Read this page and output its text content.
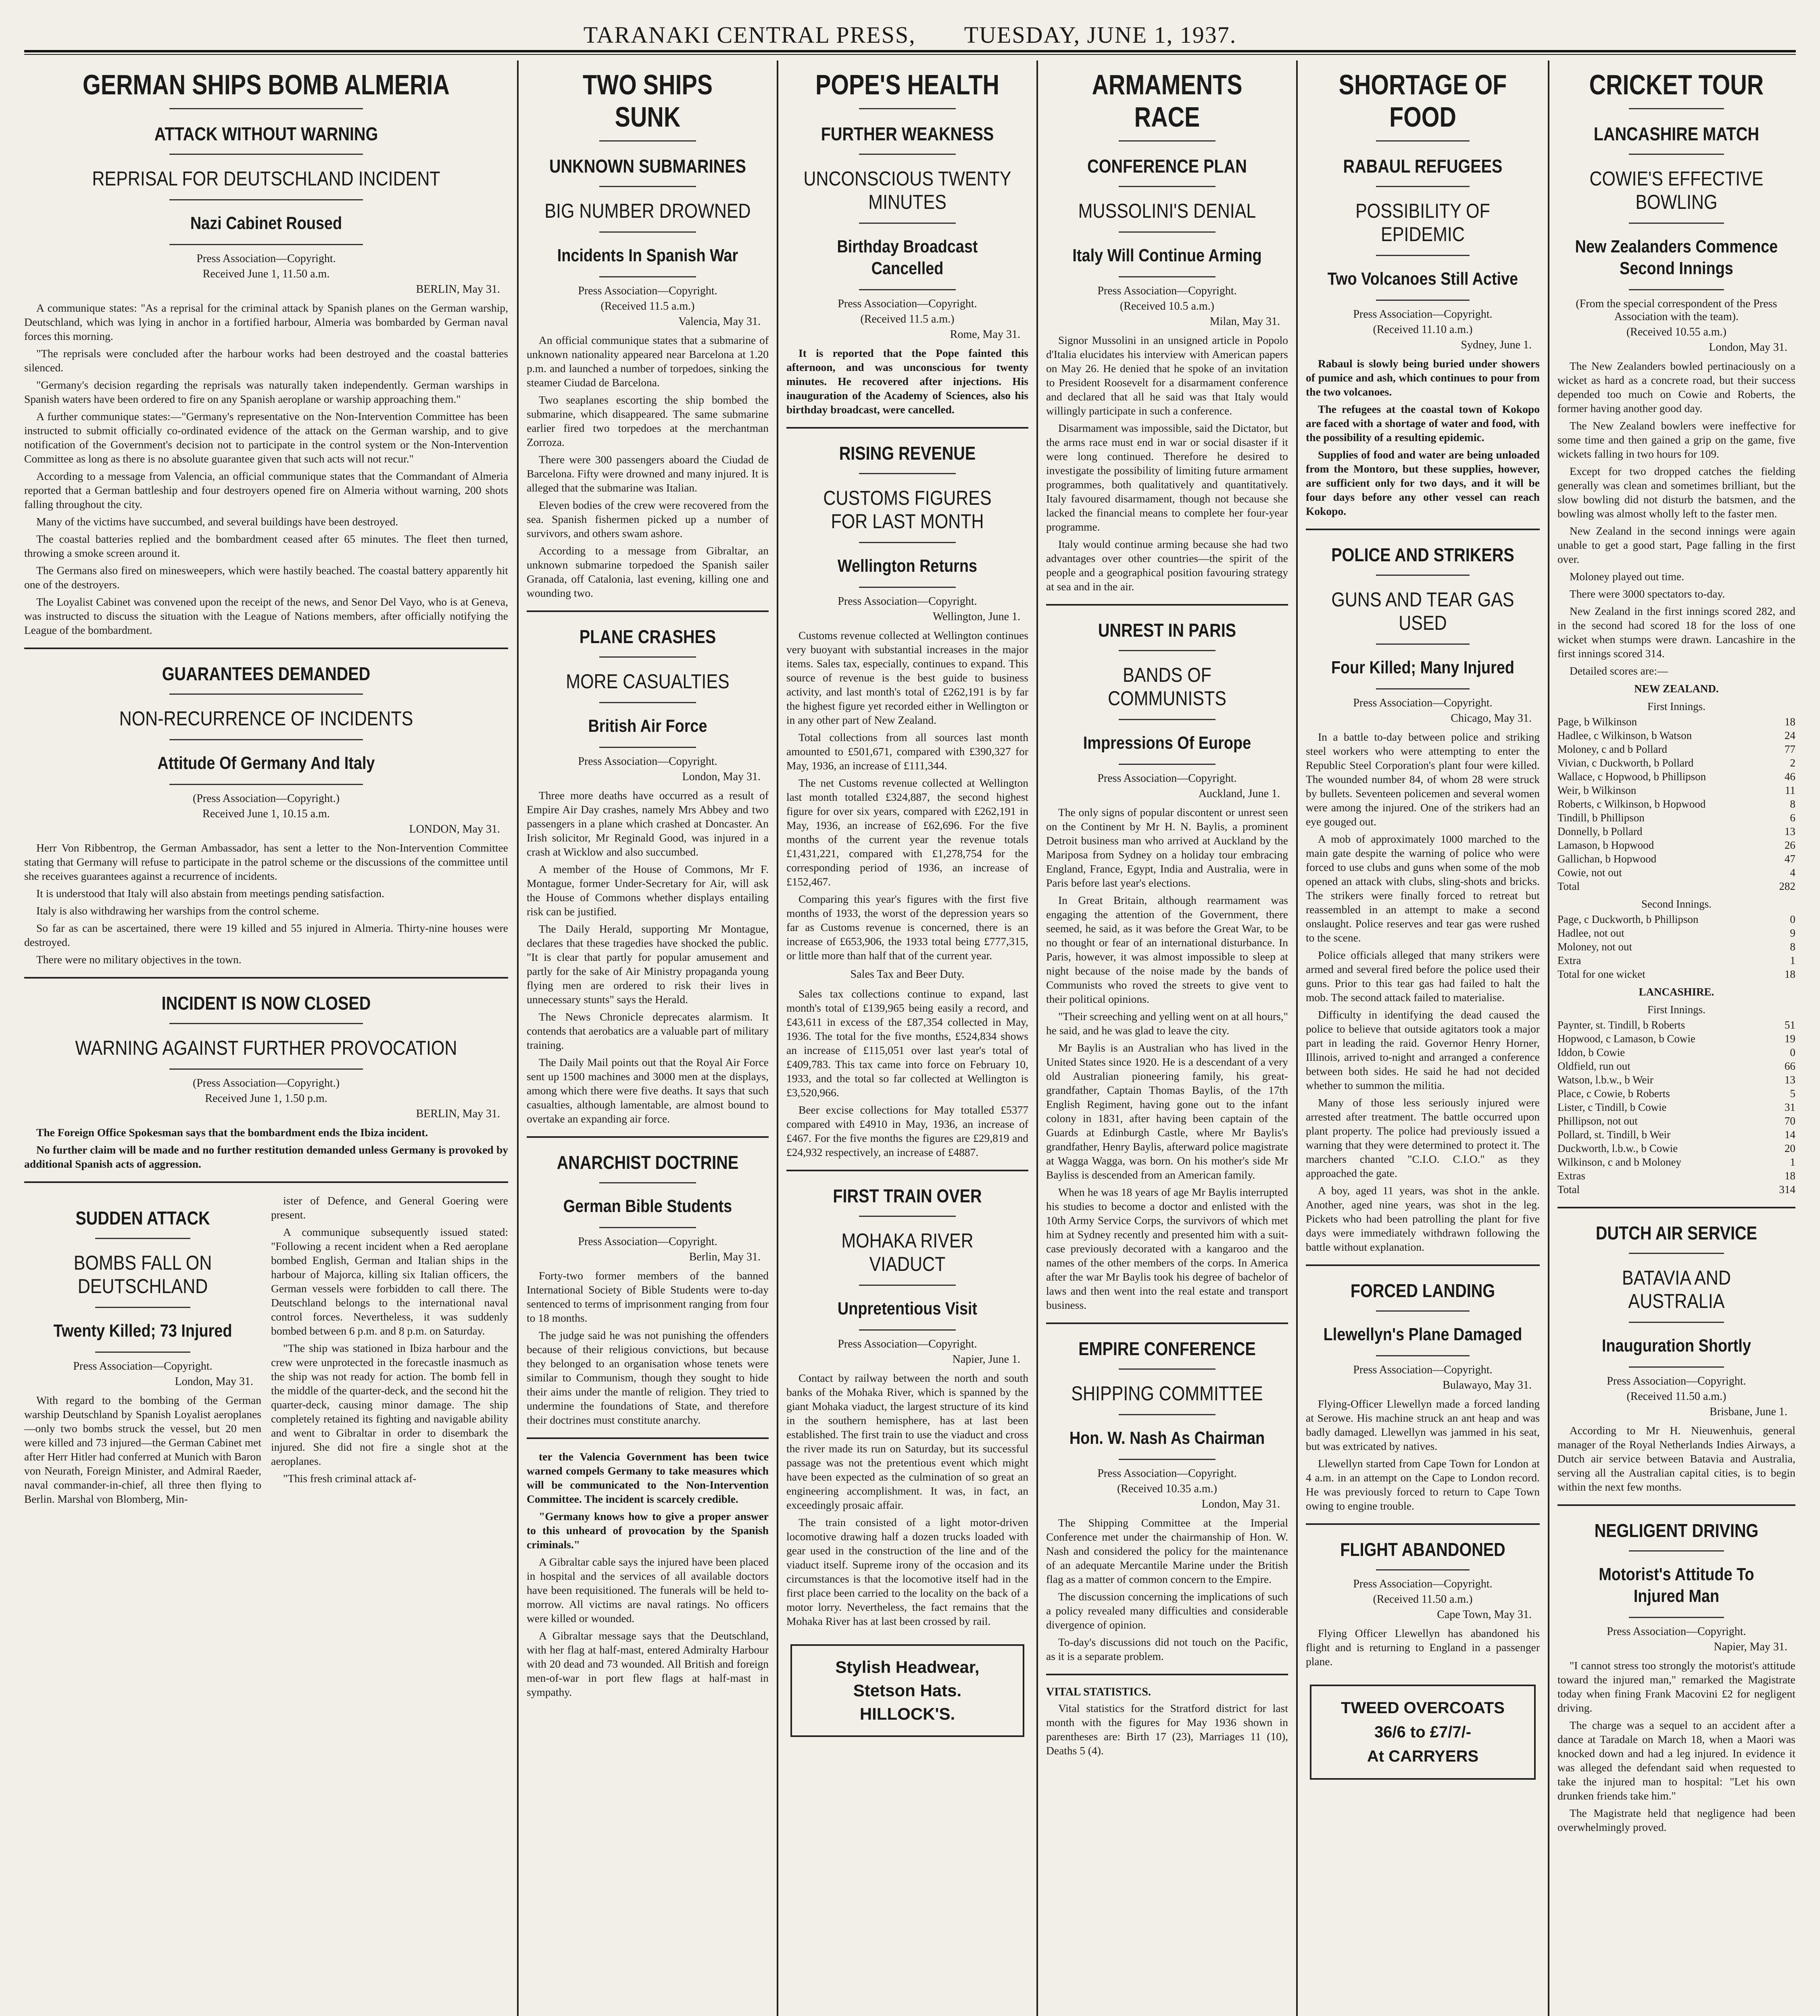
TARANAKI CENTRAL PRESS, TUESDAY, JUNE 1, 1937.
GERMAN SHIPS BOMB ALMERIA
ATTACK WITHOUT WARNING
REPRISAL FOR DEUTSCHLAND INCIDENT
Nazi Cabinet Roused
Press Association—Copyright.
Received June 1, 11.50 a.m.
BERLIN, May 31.

A communique states: "As a reprisal for the criminal attack by Spanish planes on the German warship, Deutschland, which was lying in anchor in a fortified harbour, Almeria was bombarded by German naval forces this morning.

"The reprisals were concluded after the harbour works had been destroyed and the coastal batteries silenced.

"Germany's decision regarding the reprisals was naturally taken independently. German warships in Spanish waters have been ordered to fire on any Spanish aeroplane or warship approaching them."

A further communique states:—"Germany's representative on the Non-Intervention Committee has been instructed to submit officially co-ordinated evidence of the attack on the German warship, and to give notification of the Government's decision not to participate in the control system or the Non-Intervention Committee as long as there is no absolute guarantee given that such acts will not recur."

According to a message from Valencia, an official communique states that the Commandant of Almeria reported that a German battleship and four destroyers opened fire on Almeria without warning, 200 shots falling throughout the city.

Many of the victims have succumbed, and several buildings have been destroyed.

The coastal batteries replied and the bombardment ceased after 65 minutes. The fleet then turned, throwing a smoke screen around it.

The Germans also fired on minesweepers, which were hastily beached. The coastal battery apparently hit one of the destroyers.

The Loyalist Cabinet was convened upon the receipt of the news, and Senor Del Vayo, who is at Geneva, was instructed to discuss the situation with the League of Nations members, after officially notifying the League of the bombardment.

GUARANTEES DEMANDED
NON-RECURRENCE OF INCIDENTS
Attitude Of Germany And Italy
(Press Association—Copyright.)
Received June 1, 10.15 a.m.
LONDON, May 31.

Herr Von Ribbentrop, the German Ambassador, has sent a letter to the Non-Intervention Committee stating that Germany will refuse to participate in the patrol scheme or the discussions of the committee until she receives guarantees against a recurrence of incidents.

It is understood that Italy will also abstain from meetings pending satisfaction.

Italy is also withdrawing her warships from the control scheme.

So far as can be ascertained, there were 19 killed and 55 injured in Almeria. Thirty-nine houses were destroyed.

There were no military objectives in the town.

INCIDENT IS NOW CLOSED
WARNING AGAINST FURTHER PROVOCATION
(Press Association—Copyright.)
Received June 1, 1.50 p.m.
BERLIN, May 31.

The Foreign Office Spokesman says that the bombardment ends the Ibiza incident.

No further claim will be made and no further restitution demanded unless Germany is provoked by additional Spanish acts of aggression.

SUDDEN ATTACK
BOMBS FALL ON DEUTSCHLAND
Twenty Killed; 73 Injured
Press Association—Copyright.
London, May 31.

With regard to the bombing of the German warship Deutschland by Spanish Loyalist aeroplanes—only two bombs struck the vessel, but 20 men were killed and 73 injured—the German Cabinet met after Herr Hitler had conferred at Munich with Baron von Neurath, Foreign Minister, and Admiral Raeder, naval commander-in-chief, all three then flying to Berlin. Marshal von Blomberg, Min-

ister of Defence, and General Goering were present.

A communique subsequently issued stated: "Following a recent incident when a Red aeroplane bombed English, German and Italian ships in the harbour of Majorca, killing six Italian officers, the German vessels were forbidden to call there. The Deutschland belongs to the international naval control forces. Nevertheless, it was suddenly bombed between 6 p.m. and 8 p.m. on Saturday.

"The ship was stationed in Ibiza harbour and the crew were unprotected in the forecastle inasmuch as the ship was not ready for action. The bomb fell in the middle of the quarter-deck, and the second hit the quarter-deck, causing minor damage. The ship completely retained its fighting and navigable ability and went to Gibraltar in order to disembark the injured. She did not fire a single shot at the aeroplanes.

"This fresh criminal attack af-

TWO SHIPS SUNK
UNKNOWN SUBMARINES
BIG NUMBER DROWNED
Incidents In Spanish War
Press Association—Copyright.
(Received 11.5 a.m.)
Valencia, May 31.

An official communique states that a submarine of unknown nationality appeared near Barcelona at 1.20 p.m. and launched a number of torpedoes, sinking the steamer Ciudad de Barcelona.

Two seaplanes escorting the ship bombed the submarine, which disappeared. The same submarine earlier fired two torpedoes at the merchantman Zorroza.

There were 300 passengers aboard the Ciudad de Barcelona. Fifty were drowned and many injured. It is alleged that the submarine was Italian.

Eleven bodies of the crew were recovered from the sea. Spanish fishermen picked up a number of survivors, and others swam ashore.

According to a message from Gibraltar, an unknown submarine torpedoed the Spanish sailer Granada, off Catalonia, last evening, killing one and wounding two.

PLANE CRASHES
MORE CASUALTIES
British Air Force
Press Association—Copyright.
London, May 31.

Three more deaths have occurred as a result of Empire Air Day crashes, namely Mrs Abbey and two passengers in a plane which crashed at Doncaster. An Irish solicitor, Mr Reginald Good, was injured in a crash at Wicklow and also succumbed.

A member of the House of Commons, Mr F. Montague, former Under-Secretary for Air, will ask the House of Commons whether displays entailing risk can be justified.

The Daily Herald, supporting Mr Montague, declares that these tragedies have shocked the public. "It is clear that partly for popular amusement and partly for the sake of Air Ministry propaganda young flying men are ordered to risk their lives in unnecessary stunts" says the Herald.

The News Chronicle deprecates alarmism. It contends that aerobatics are a valuable part of military training.

The Daily Mail points out that the Royal Air Force sent up 1500 machines and 3000 men at the displays, among which there were five deaths. It says that such casualties, although lamentable, are almost bound to overtake an expanding air force.

ANARCHIST DOCTRINE
German Bible Students
Press Association—Copyright.
Berlin, May 31.

Forty-two former members of the banned International Society of Bible Students were to-day sentenced to terms of imprisonment ranging from four to 18 months.

The judge said he was not punishing the offenders because of their religious convictions, but because they belonged to an organisation whose tenets were similar to Communism, though they sought to hide their aims under the mantle of religion. They tried to undermine the foundations of State, and therefore their doctrines must constitute anarchy.

ter the Valencia Government has been twice warned compels Germany to take measures which will be communicated to the Non-Intervention Committee. The incident is scarcely credible.

"Germany knows how to give a proper answer to this unheard of provocation by the Spanish criminals."

A Gibraltar cable says the injured have been placed in hospital and the services of all available doctors have been requisitioned. The funerals will be held to-morrow. All victims are naval ratings. No officers were killed or wounded.

A Gibraltar message says that the Deutschland, with her flag at half-mast, entered Admiralty Harbour with 20 dead and 73 wounded. All British and foreign men-of-war in port flew flags at half-mast in sympathy.

POPE'S HEALTH
FURTHER WEAKNESS
UNCONSCIOUS TWENTY MINUTES
Birthday Broadcast Cancelled
Press Association—Copyright.
(Received 11.5 a.m.)
Rome, May 31.

It is reported that the Pope fainted this afternoon, and was unconscious for twenty minutes. He recovered after injections. His inauguration of the Academy of Sciences, also his birthday broadcast, were cancelled.

RISING REVENUE
CUSTOMS FIGURES FOR LAST MONTH
Wellington Returns
Press Association—Copyright.
Wellington, June 1.

Customs revenue collected at Wellington continues very buoyant with substantial increases in the major items. Sales tax, especially, continues to expand. This source of revenue is the best guide to business activity, and last month's total of £262,191 is by far the highest figure yet recorded either in Wellington or in any other part of New Zealand.

Total collections from all sources last month amounted to £501,671, compared with £390,327 for May, 1936, an increase of £111,344.

The net Customs revenue collected at Wellington last month totalled £324,887, the second highest figure for over six years, compared with £262,191 in May, 1936, an increase of £62,696. For the five months of the current year the revenue totals £1,431,221, compared with £1,278,754 for the corresponding period of 1936, an increase of £152,467.

Comparing this year's figures with the first five months of 1933, the worst of the depression years so far as Customs revenue is concerned, there is an increase of £653,906, the 1933 total being £777,315, or little more than half that of the current year.

Sales Tax and Beer Duty.

Sales tax collections continue to expand, last month's total of £139,965 being easily a record, and £43,611 in excess of the £87,354 collected in May, 1936. The total for the five months, £524,834 shows an increase of £115,051 over last year's total of £409,783. This tax came into force on February 10, 1933, and the total so far collected at Wellington is £3,520,966.

Beer excise collections for May totalled £5377 compared with £4910 in May, 1936, an increase of £467. For the five months the figures are £29,819 and £24,932 respectively, an increase of £4887.

FIRST TRAIN OVER
MOHAKA RIVER VIADUCT
Unpretentious Visit
Press Association—Copyright.
Napier, June 1.

Contact by railway between the north and south banks of the Mohaka River, which is spanned by the giant Mohaka viaduct, the largest structure of its kind in the southern hemisphere, has at last been established. The first train to use the viaduct and cross the river made its run on Saturday, but its successful passage was not the pretentious event which might have been expected as the culmination of so great an engineering accomplishment. It was, in fact, an exceedingly prosaic affair.

The train consisted of a light motor-driven locomotive drawing half a dozen trucks loaded with gear used in the construction of the line and of the viaduct itself. Supreme irony of the occasion and its circumstances is that the locomotive itself had in the first place been carried to the locality on the back of a motor lorry. Nevertheless, the fact remains that the Mohaka River has at last been crossed by rail.

Stylish Headwear,
Stetson Hats.
HILLOCK'S.
ARMAMENTS RACE
CONFERENCE PLAN
MUSSOLINI'S DENIAL
Italy Will Continue Arming
Press Association—Copyright.
(Received 10.5 a.m.)
Milan, May 31.

Signor Mussolini in an unsigned article in Popolo d'Italia elucidates his interview with American papers on May 26. He denied that he spoke of an invitation to President Roosevelt for a disarmament conference and declared that all he said was that Italy would willingly participate in such a conference.

Disarmament was impossible, said the Dictator, but the arms race must end in war or social disaster if it were long continued. Therefore he desired to investigate the possibility of limiting future armament programmes, both qualitatively and quantitatively. Italy favoured disarmament, though not because she lacked the financial means to complete her four-year programme.

Italy would continue arming because she had two advantages over other countries—the spirit of the people and a geographical position favouring strategy at sea and in the air.

UNREST IN PARIS
BANDS OF COMMUNISTS
Impressions Of Europe
Press Association—Copyright.
Auckland, June 1.

The only signs of popular discontent or unrest seen on the Continent by Mr H. N. Baylis, a prominent Detroit business man who arrived at Auckland by the Mariposa from Sydney on a holiday tour embracing England, France, Egypt, India and Australia, were in Paris before last year's elections.

In Great Britain, although rearmament was engaging the attention of the Government, there seemed, he said, as it was before the Great War, to be no thought or fear of an international disturbance. In Paris, however, it was almost impossible to sleep at night because of the noise made by the bands of Communists who roved the streets to give vent to their political opinions.

"Their screeching and yelling went on at all hours," he said, and he was glad to leave the city.

Mr Baylis is an Australian who has lived in the United States since 1920. He is a descendant of a very old Australian pioneering family, his great-grandfather, Captain Thomas Baylis, of the 17th English Regiment, having gone out to the infant colony in 1831, after having been captain of the Guards at Edinburgh Castle, where Mr Baylis's grandfather, Henry Baylis, afterward police magistrate at Wagga Wagga, was born. On his mother's side Mr Bayliss is descended from an American family.

When he was 18 years of age Mr Baylis interrupted his studies to become a doctor and enlisted with the 10th Army Service Corps, the survivors of which met him at Sydney recently and presented him with a suit-case previously decorated with a kangaroo and the names of the other members of the corps. In America after the war Mr Baylis took his degree of bachelor of laws and then went into the real estate and transport business.

EMPIRE CONFERENCE
SHIPPING COMMITTEE
Hon. W. Nash As Chairman
Press Association—Copyright.
(Received 10.35 a.m.)
London, May 31.

The Shipping Committee at the Imperial Conference met under the chairmanship of Hon. W. Nash and considered the policy for the maintenance of an adequate Mercantile Marine under the British flag as a matter of common concern to the Empire.

The discussion concerning the implications of such a policy revealed many difficulties and considerable divergence of opinion.

To-day's discussions did not touch on the Pacific, as it is a separate problem.

VITAL STATISTICS.

Vital statistics for the Stratford district for last month with the figures for May 1936 shown in parentheses are: Birth 17 (23), Marriages 11 (10), Deaths 5 (4).

SHORTAGE OF FOOD
RABAUL REFUGEES
POSSIBILITY OF EPIDEMIC
Two Volcanoes Still Active
Press Association—Copyright.
(Received 11.10 a.m.)
Sydney, June 1.

Rabaul is slowly being buried under showers of pumice and ash, which continues to pour from the two volcanoes.

The refugees at the coastal town of Kokopo are faced with a shortage of water and food, with the possibility of a resulting epidemic.

Supplies of food and water are being unloaded from the Montoro, but these supplies, however, are sufficient only for two days, and it will be four days before any other vessel can reach Kokopo.

POLICE AND STRIKERS
GUNS AND TEAR GAS USED
Four Killed; Many Injured
Press Association—Copyright.
Chicago, May 31.

In a battle to-day between police and striking steel workers who were attempting to enter the Republic Steel Corporation's plant four were killed. The wounded number 84, of whom 28 were struck by bullets. Seventeen policemen and several women were among the injured. One of the strikers had an eye gouged out.

A mob of approximately 1000 marched to the main gate despite the warning of police who were forced to use clubs and guns when some of the mob opened an attack with clubs, sling-shots and bricks. The strikers were finally forced to retreat but reassembled in an attempt to make a second onslaught. Police reserves and tear gas were rushed to the scene.

Police officials alleged that many strikers were armed and several fired before the police used their guns. Prior to this tear gas had failed to halt the mob. The second attack failed to materialise.

Difficulty in identifying the dead caused the police to believe that outside agitators took a major part in leading the raid. Governor Henry Horner, Illinois, arrived to-night and arranged a conference between both sides. He said he had not decided whether to summon the militia.

Many of those less seriously injured were arrested after treatment. The battle occurred upon plant property. The police had previously issued a warning that they were determined to protect it. The marchers chanted "C.I.O. C.I.O." as they approached the gate.

A boy, aged 11 years, was shot in the ankle. Another, aged nine years, was shot in the leg. Pickets who had been patrolling the plant for five days were immediately withdrawn following the battle without explanation.

FORCED LANDING
Llewellyn's Plane Damaged
Press Association—Copyright.
Bulawayo, May 31.

Flying-Officer Llewellyn made a forced landing at Serowe. His machine struck an ant heap and was badly damaged. Llewellyn was jammed in his seat, but was extricated by natives.

Llewellyn started from Cape Town for London at 4 a.m. in an attempt on the Cape to London record. He was previously forced to return to Cape Town owing to engine trouble.

FLIGHT ABANDONED
Press Association—Copyright.
(Received 11.50 a.m.)
Cape Town, May 31.

Flying Officer Llewellyn has abandoned his flight and is returning to England in a passenger plane.

TWEED OVERCOATS
36/6 to £7/7/-
At CARRYERS
CRICKET TOUR
LANCASHIRE MATCH
COWIE'S EFFECTIVE BOWLING
New Zealanders Commence Second Innings
(From the special correspondent of the Press Association with the team).
(Received 10.55 a.m.)
London, May 31.

The New Zealanders bowled pertinaciously on a wicket as hard as a concrete road, but their success depended too much on Cowie and Roberts, the former having another good day.

The New Zealand bowlers were ineffective for some time and then gained a grip on the game, five wickets falling in two hours for 109.

Except for two dropped catches the fielding generally was clean and sometimes brilliant, but the slow bowling did not disturb the batsmen, and the bowling was almost wholly left to the faster men.

New Zealand in the second innings were again unable to get a good start, Page falling in the first over.

Moloney played out time.

There were 3000 spectators to-day.

New Zealand in the first innings scored 282, and in the second had scored 18 for the loss of one wicket when stumps were drawn. Lancashire in the first innings scored 314.

Detailed scores are:—

NEW ZEALAND.
First Innings.
Page, b Wilkinson	18
Hadlee, c Wilkinson, b Watson	24
Moloney, c and b Pollard	77
Vivian, c Duckworth, b Pollard	2
Wallace, c Hopwood, b Phillipson	46
Weir, b Wilkinson	11
Roberts, c Wilkinson, b Hopwood	8
Tindill, b Phillipson	6
Donnelly, b Pollard	13
Lamason, b Hopwood	26
Gallichan, b Hopwood	47
Cowie, not out	4
Total	282
Second Innings.
Page, c Duckworth, b Phillipson	0
Hadlee, not out	9
Moloney, not out	8
Extra	1
Total for one wicket	18
LANCASHIRE.
First Innings.
Paynter, st. Tindill, b Roberts	51
Hopwood, c Lamason, b Cowie	19
Iddon, b Cowie	0
Oldfield, run out	66
Watson, l.b.w., b Weir	13
Place, c Cowie, b Roberts	5
Lister, c Tindill, b Cowie	31
Phillipson, not out	70
Pollard, st. Tindill, b Weir	14
Duckworth, l.b.w., b Cowie	20
Wilkinson, c and b Moloney	1
Extras	18
Total	314
DUTCH AIR SERVICE
BATAVIA AND AUSTRALIA
Inauguration Shortly
Press Association—Copyright.
(Received 11.50 a.m.)
Brisbane, June 1.

According to Mr H. Nieuwenhuis, general manager of the Royal Netherlands Indies Airways, a Dutch air service between Batavia and Australia, serving all the Australian capital cities, is to begin within the next few months.

NEGLIGENT DRIVING
Motorist's Attitude To Injured Man
Press Association—Copyright.
Napier, May 31.

"I cannot stress too strongly the motorist's attitude toward the injured man," remarked the Magistrate today when fining Frank Macovini £2 for negligent driving.

The charge was a sequel to an accident after a dance at Taradale on March 18, when a Maori was knocked down and had a leg injured. In evidence it was alleged the defendant said when requested to take the injured man to hospital: "Let his own drunken friends take him."

The Magistrate held that negligence had been overwhelmingly proved.
